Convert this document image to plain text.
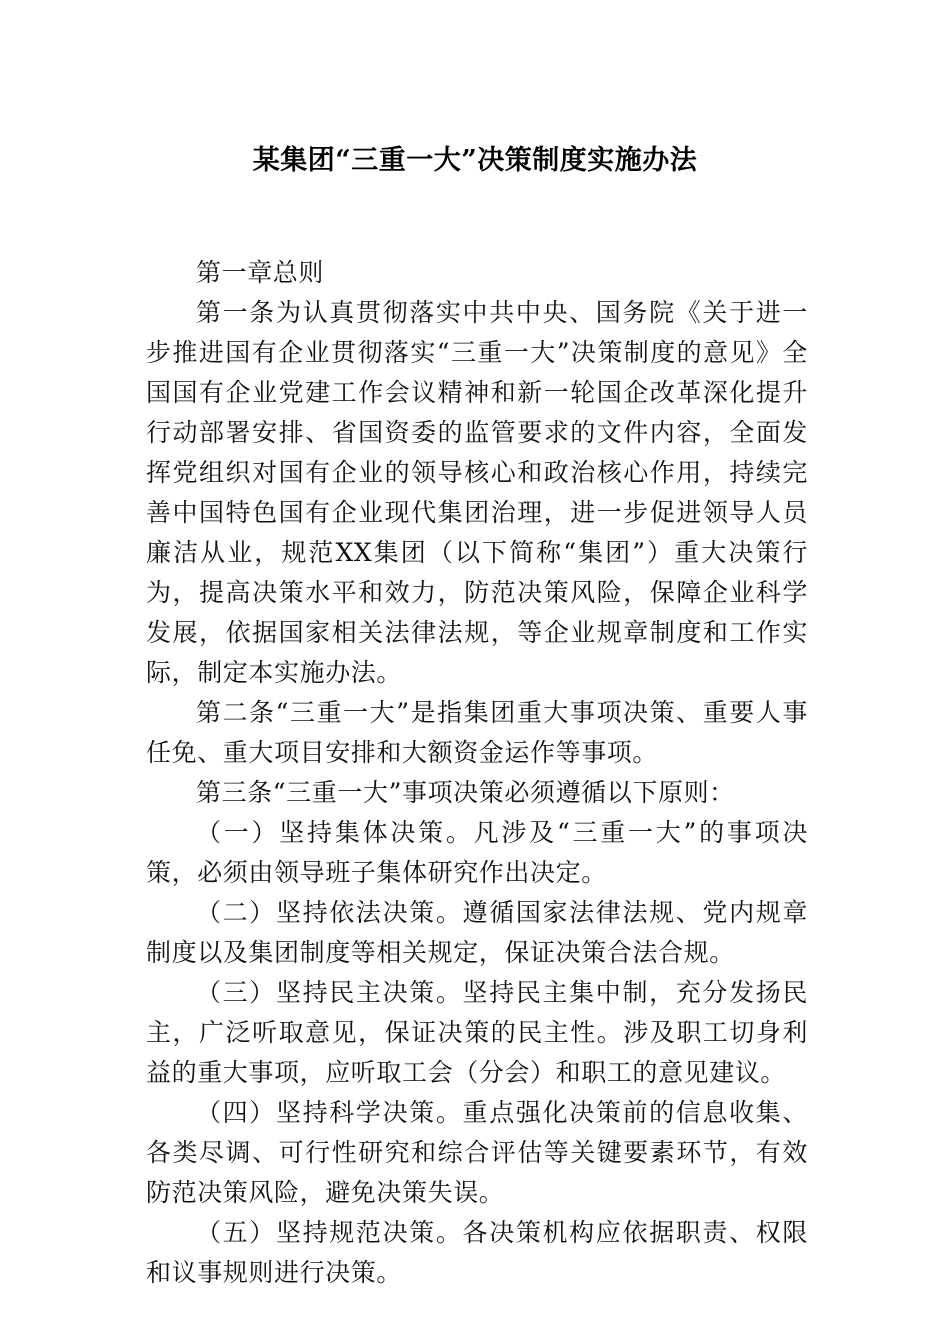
某集团“三重一大”决策制度实施办法

第一章总则

第一条为认真贯彻落实中共中央、国务院《关于进一步推进国有企业贯彻落实“三重一大”决策制度的意见》全国国有企业党建工作会议精神和新一轮国企改革深化提升行动部署安排、省国资委的监管要求的文件内容，全面发挥党组织对国有企业的领导核心和政治核心作用，持续完善中国特色国有企业现代集团治理，进一步促进领导人员廉洁从业，规范XX集团（以下简称“集团”）重大决策行为，提高决策水平和效力，防范决策风险，保障企业科学发展，依据国家相关法律法规，等企业规章制度和工作实际，制定本实施办法。

第二条“三重一大”是指集团重大事项决策、重要人事任免、重大项目安排和大额资金运作等事项。

第三条“三重一大”事项决策必须遵循以下原则：

（一）坚持集体决策。凡涉及“三重一大”的事项决策，必须由领导班子集体研究作出决定。

（二）坚持依法决策。遵循国家法律法规、党内规章制度以及集团制度等相关规定，保证决策合法合规。

（三）坚持民主决策。坚持民主集中制，充分发扬民主，广泛听取意见，保证决策的民主性。涉及职工切身利益的重大事项，应听取工会（分会）和职工的意见建议。

（四）坚持科学决策。重点强化决策前的信息收集、各类尽调、可行性研究和综合评估等关键要素环节，有效防范决策风险，避免决策失误。

（五）坚持规范决策。各决策机构应依据职责、权限和议事规则进行决策。
